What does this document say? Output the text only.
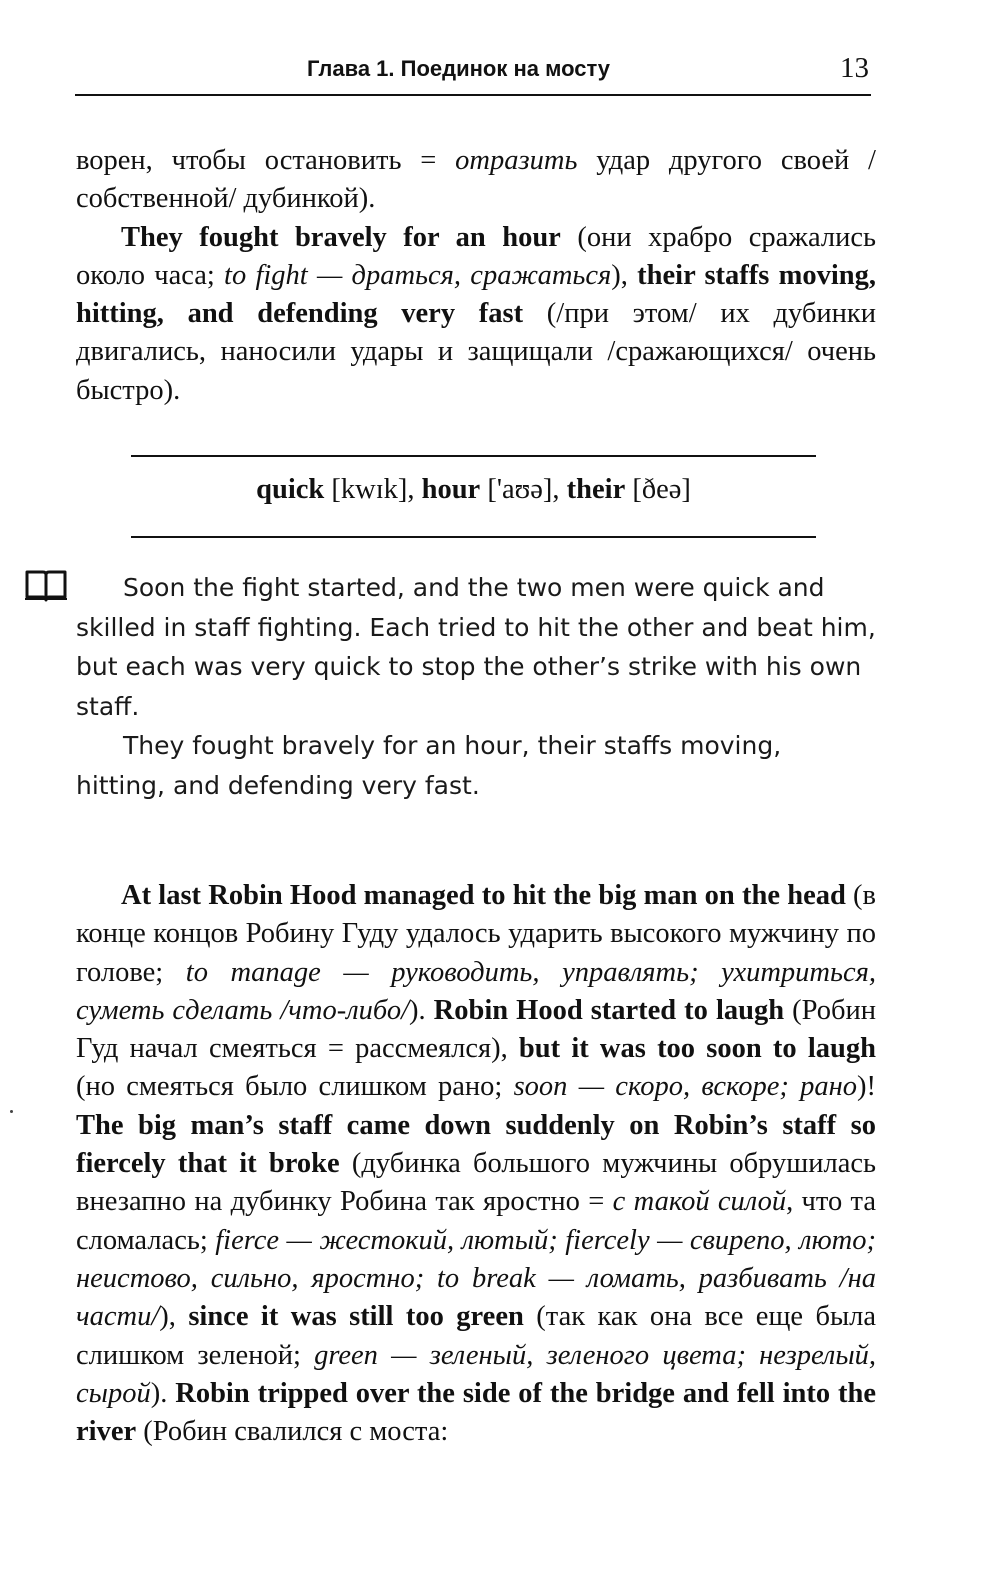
Глава 1. Поединок на мосту	13

ворен, чтобы остановить = отразить удар другого своей /собственной/ дубинкой).

They fought bravely for an hour (они храбро сражались около часа; to fight — драться, сражаться), their staffs moving, hitting, and defending very fast (/при этом/ их дубинки двигались, наносили удары и защищали /сражающихся/ очень быстро).

quick [kwɪk], hour ['aʊə], their [ðeə]

Soon the fight started, and the two men were quick and skilled in staff fighting. Each tried to hit the other and beat him, but each was very quick to stop the other’s strike with his own staff.

They fought bravely for an hour, their staffs moving, hitting, and defending very fast.

At last Robin Hood managed to hit the big man on the head (в конце концов Робину Гуду удалось ударить высокого мужчину по голове; to manage — руководить, управлять; ухитриться, суметь сделать /что-либо/). Robin Hood started to laugh (Робин Гуд начал смеяться = рассмеялся), but it was too soon to laugh (но смеяться было слишком рано; soon — скоро, вскоре; рано)! The big man’s staff came down suddenly on Robin’s staff so fiercely that it broke (дубинка большого мужчины обрушилась внезапно на дубинку Робина так яростно = с такой силой, что та сломалась; fierce — жестокий, лютый; fiercely — свирепо, люто; неистово, сильно, яростно; to break — ломать, разбивать /на части/), since it was still too green (так как она все еще была слишком зеленой; green — зеленый, зеленого цвета; незрелый, сырой). Robin tripped over the side of the bridge and fell into the river (Робин свалился с моста:
